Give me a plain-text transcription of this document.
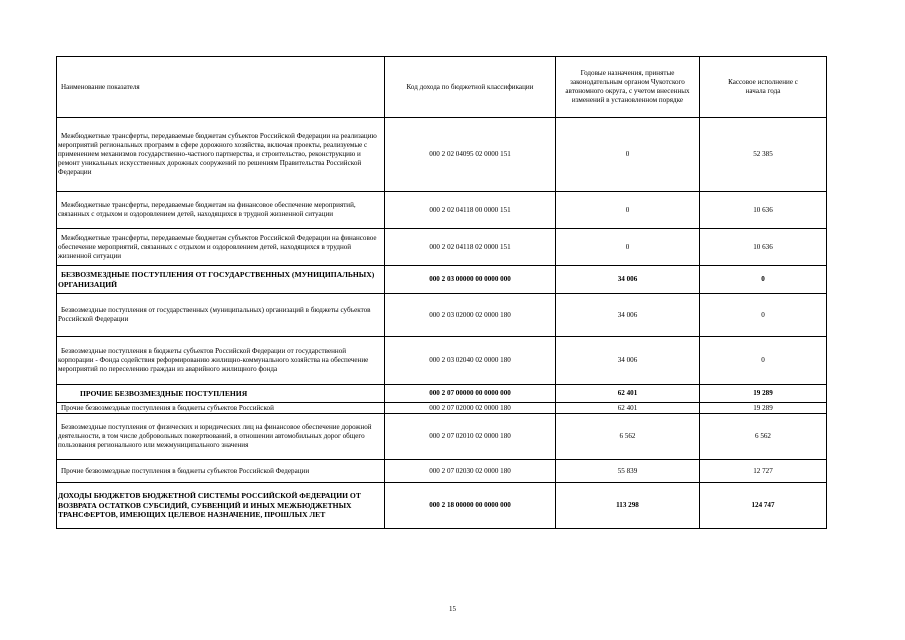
Наименование показателя	Код дохода по бюджетной классификации	Годовые назначения, принятые законодательным органом Чукотского автономного округа, с учетом внесенных изменений в установленном порядке	Кассовое исполнение с начала года
Межбюджетные трансферты, передаваемые бюджетам субъектов Российской Федерации на реализацию мероприятий региональных программ в сфере дорожного хозяйства, включая проекты, реализуемые с применением механизмов государственно-частного партнерства, и строительство, реконструкцию и ремонт уникальных искусственных дорожных сооружений по решениям Правительства Российской Федерации	000 2 02 04095 02 0000 151	0	52 385
Межбюджетные трансферты, передаваемые бюджетам на финансовое обеспечение мероприятий, связанных с отдыхом и оздоровлением детей, находящихся в трудной жизненной ситуации	000 2 02 04118 00 0000 151	0	10 636
Межбюджетные трансферты, передаваемые бюджетам субъектов Российской Федерации на финансовое обеспечение мероприятий, связанных с отдыхом и оздоровлением детей, находящихся в трудной жизненной ситуации	000 2 02 04118 02 0000 151	0	10 636
БЕЗВОЗМЕЗДНЫЕ ПОСТУПЛЕНИЯ ОТ ГОСУДАРСТВЕННЫХ (МУНИЦИПАЛЬНЫХ) ОРГАНИЗАЦИЙ	000 2 03 00000 00 0000 000	34 006	0
Безвозмездные поступления от государственных (муниципальных) организаций в бюджеты субъектов Российской Федерации	000 2 03 02000 02 0000 180	34 006	0
Безвозмездные поступления в бюджеты субъектов Российской Федерации от государственной корпорации - Фонда содействия реформированию жилищно-коммунального хозяйства на обеспечение мероприятий по переселению граждан из аварийного жилищного фонда	000 2 03 02040 02 0000 180	34 006	0
ПРОЧИЕ БЕЗВОЗМЕЗДНЫЕ ПОСТУПЛЕНИЯ	000 2 07 00000 00 0000 000	62 401	19 289
Прочие безвозмездные поступления в бюджеты субъектов Российской	000 2 07 02000 02 0000 180	62 401	19 289
Безвозмездные поступления от физических и юридических лиц на финансовое обеспечение дорожной деятельности, в том числе добровольных пожертвований, в отношении автомобильных дорог общего пользования регионального или межмуниципального значения	000 2 07 02010 02 0000 180	6 562	6 562
Прочие безвозмездные поступления в бюджеты субъектов Российской Федерации	000 2 07 02030 02 0000 180	55 839	12 727
ДОХОДЫ БЮДЖЕТОВ БЮДЖЕТНОЙ СИСТЕМЫ РОССИЙСКОЙ ФЕДЕРАЦИИ ОТ ВОЗВРАТА ОСТАТКОВ СУБСИДИЙ, СУБВЕНЦИЙ И ИНЫХ МЕЖБЮДЖЕТНЫХ ТРАНСФЕРТОВ, ИМЕЮЩИХ ЦЕЛЕВОЕ НАЗНАЧЕНИЕ, ПРОШЛЫХ ЛЕТ	000 2 18 00000 00 0000 000	113 298	124 747
15
